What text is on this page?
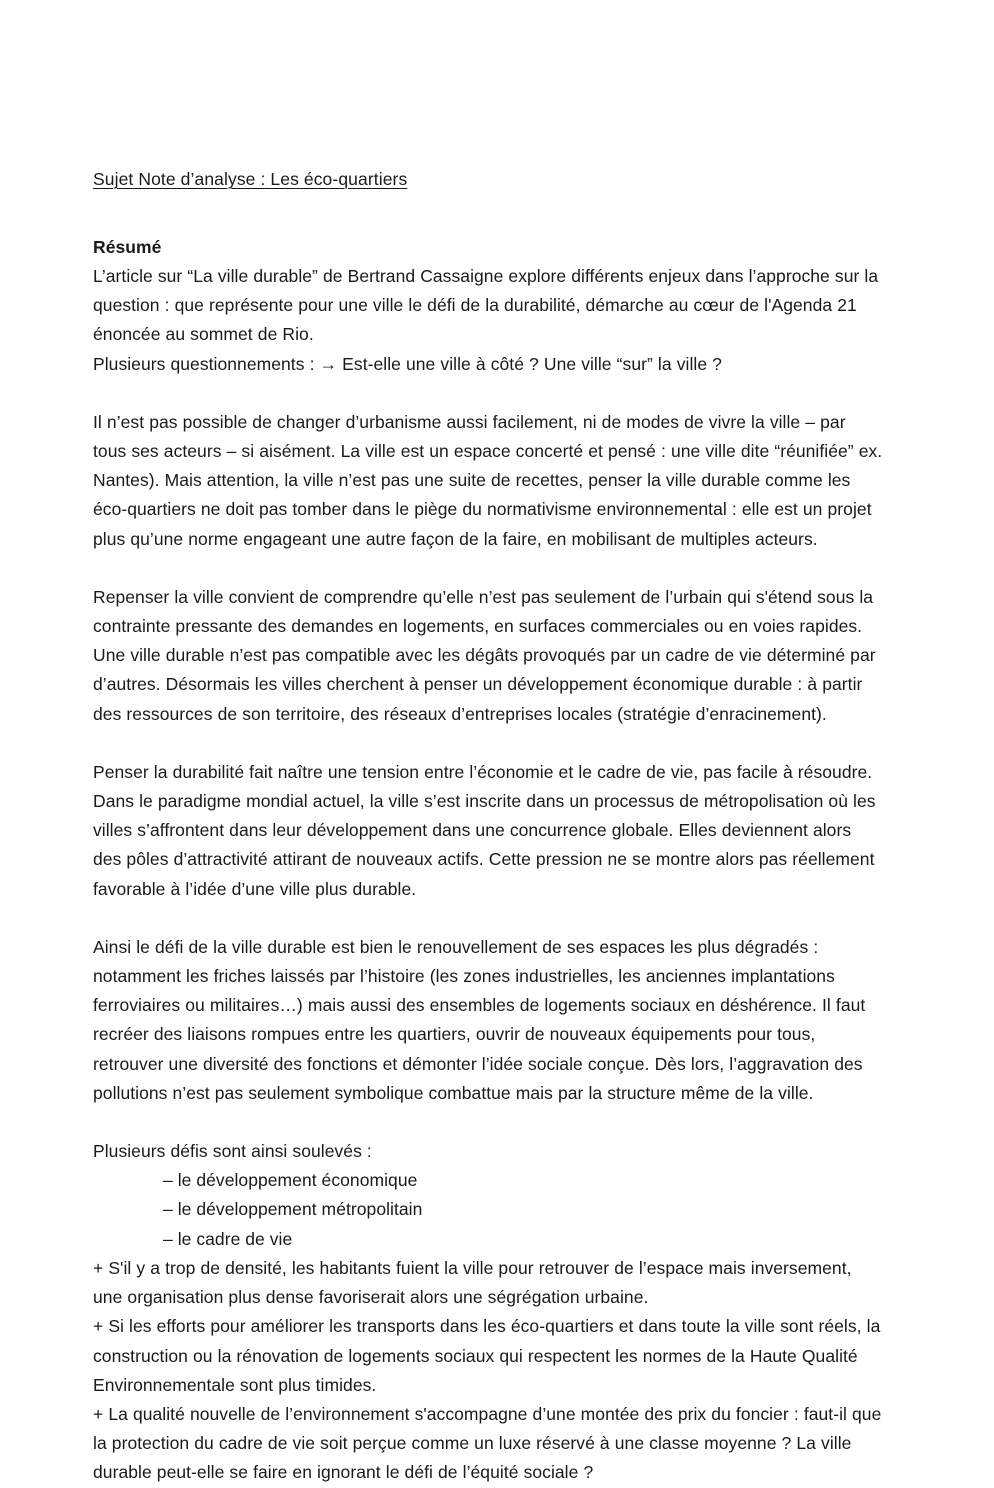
Sujet Note d’analyse : Les éco-quartiers
Résumé

L’article sur “La ville durable” de Bertrand Cassaigne explore différents enjeux dans l’approche sur la question : que représente pour une ville le défi de la durabilité, démarche au cœur de l'Agenda 21 énoncée au sommet de Rio.

Plusieurs questionnements : → Est-elle une ville à côté ? Une ville “sur” la ville ?

Il n’est pas possible de changer d’urbanisme aussi facilement, ni de modes de vivre la ville – par tous ses acteurs – si aisément. La ville est un espace concerté et pensé : une ville dite “réunifiée” ex. Nantes). Mais attention, la ville n’est pas une suite de recettes, penser la ville durable comme les éco-quartiers ne doit pas tomber dans le piège du normativisme environnemental : elle est un projet plus qu’une norme engageant une autre façon de la faire, en mobilisant de multiples acteurs.

Repenser la ville convient de comprendre qu’elle n’est pas seulement de l’urbain qui s'étend sous la contrainte pressante des demandes en logements, en surfaces commerciales ou en voies rapides. Une ville durable n’est pas compatible avec les dégâts provoqués par un cadre de vie déterminé par d’autres. Désormais les villes cherchent à penser un développement économique durable : à partir des ressources de son territoire, des réseaux d’entreprises locales (stratégie d’enracinement).

Penser la durabilité fait naître une tension entre l’économie et le cadre de vie, pas facile à résoudre. Dans le paradigme mondial actuel, la ville s’est inscrite dans un processus de métropolisation où les villes s’affrontent dans leur développement dans une concurrence globale. Elles deviennent alors des pôles d’attractivité attirant de nouveaux actifs. Cette pression ne se montre alors pas réellement favorable à l’idée d’une ville plus durable.

Ainsi le défi de la ville durable est bien le renouvellement de ses espaces les plus dégradés : notamment les friches laissés par l’histoire (les zones industrielles, les anciennes implantations ferroviaires ou militaires…) mais aussi des ensembles de logements sociaux en déshérence. Il faut recréer des liaisons rompues entre les quartiers, ouvrir de nouveaux équipements pour tous, retrouver une diversité des fonctions et démonter l’idée sociale conçue. Dès lors, l’aggravation des pollutions n’est pas seulement symbolique combattue mais par la structure même de la ville.

Plusieurs défis sont ainsi soulevés :

– le développement économique
– le développement métropolitain
– le cadre de vie

+ S'il y a trop de densité, les habitants fuient la ville pour retrouver de l’espace mais inversement, une organisation plus dense favoriserait alors une ségrégation urbaine.

+ Si les efforts pour améliorer les transports dans les éco-quartiers et dans toute la ville sont réels, la construction ou la rénovation de logements sociaux qui respectent les normes de la Haute Qualité Environnementale sont plus timides.

+ La qualité nouvelle de l’environnement s'accompagne d’une montée des prix du foncier : faut-il que la protection du cadre de vie soit perçue comme un luxe réservé à une classe moyenne ? La ville durable peut-elle se faire en ignorant le défi de l’équité sociale ?
